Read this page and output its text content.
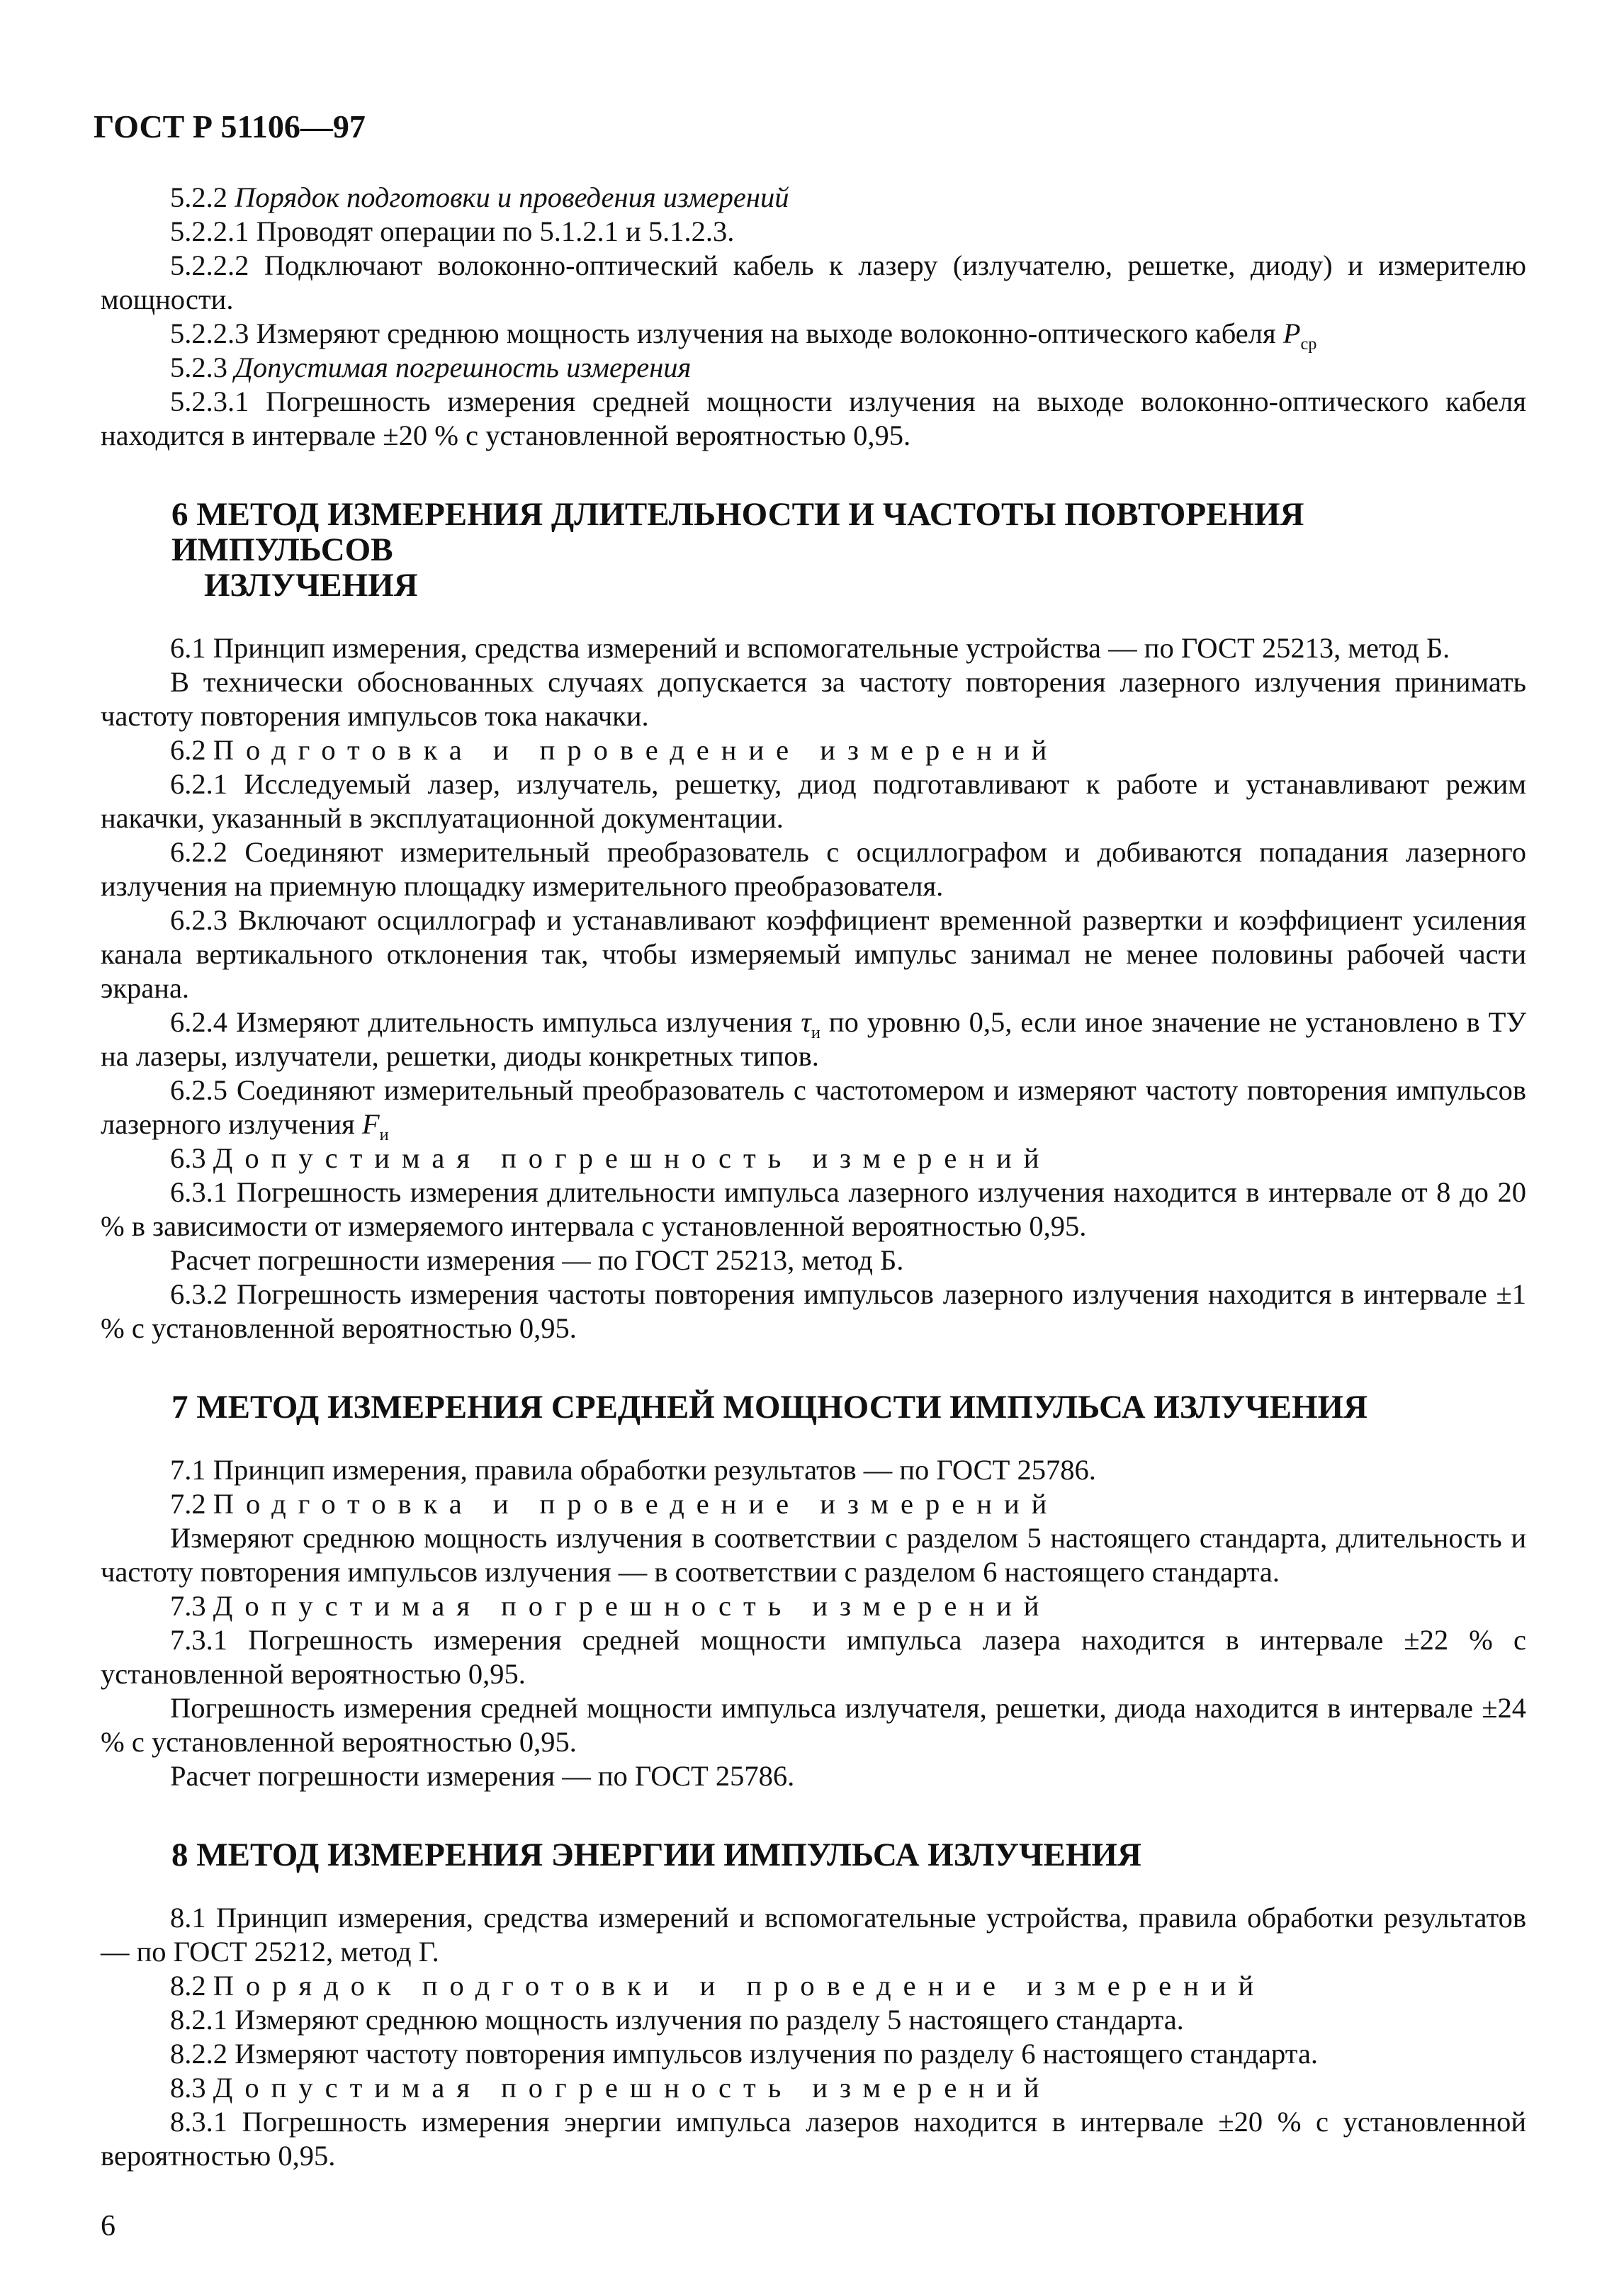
ГОСТ Р 51106—97

5.2.2 Порядок подготовки и проведения измерений

5.2.2.1 Проводят операции по 5.1.2.1 и 5.1.2.3.

5.2.2.2 Подключают волоконно-оптический кабель к лазеру (излучателю, решетке, диоду) и измерителю мощности.

5.2.2.3 Измеряют среднюю мощность излучения на выходе волоконно-оптического кабеля $P_{ср}$

5.2.3 Допустимая погрешность измерения

5.2.3.1 Погрешность измерения средней мощности излучения на выходе волоконно-оптического кабеля находится в интервале ±20 % с установленной вероятностью 0,95.

6 МЕТОД ИЗМЕРЕНИЯ ДЛИТЕЛЬНОСТИ И ЧАСТОТЫ ПОВТОРЕНИЯ ИМПУЛЬСОВ
ИЗЛУЧЕНИЯ

6.1 Принцип измерения, средства измерений и вспомогательные устройства — по ГОСТ 25213, метод Б.

В технически обоснованных случаях допускается за частоту повторения лазерного излучения принимать частоту повторения импульсов тока накачки.

6.2 Подготовка и проведение измерений

6.2.1 Исследуемый лазер, излучатель, решетку, диод подготавливают к работе и устанавливают режим накачки, указанный в эксплуатационной документации.

6.2.2 Соединяют измерительный преобразователь с осциллографом и добиваются попадания лазерного излучения на приемную площадку измерительного преобразователя.

6.2.3 Включают осциллограф и устанавливают коэффициент временной развертки и коэффициент усиления канала вертикального отклонения так, чтобы измеряемый импульс занимал не менее половины рабочей части экрана.

6.2.4 Измеряют длительность импульса излучения $\tau_и$ по уровню 0,5, если иное значение не установлено в ТУ на лазеры, излучатели, решетки, диоды конкретных типов.

6.2.5 Соединяют измерительный преобразователь с частотомером и измеряют частоту повторения импульсов лазерного излучения $F_и$

6.3 Допустимая погрешность измерений

6.3.1 Погрешность измерения длительности импульса лазерного излучения находится в интервале от 8 до 20 % в зависимости от измеряемого интервала с установленной вероятностью 0,95.

Расчет погрешности измерения — по ГОСТ 25213, метод Б.

6.3.2 Погрешность измерения частоты повторения импульсов лазерного излучения находится в интервале ±1 % с установленной вероятностью 0,95.

7 МЕТОД ИЗМЕРЕНИЯ СРЕДНЕЙ МОЩНОСТИ ИМПУЛЬСА ИЗЛУЧЕНИЯ

7.1 Принцип измерения, правила обработки результатов — по ГОСТ 25786.

7.2 Подготовка и проведение измерений

Измеряют среднюю мощность излучения в соответствии с разделом 5 настоящего стандарта, длительность и частоту повторения импульсов излучения — в соответствии с разделом 6 настоящего стандарта.

7.3 Допустимая погрешность измерений

7.3.1 Погрешность измерения средней мощности импульса лазера находится в интервале ±22 % с установленной вероятностью 0,95.

Погрешность измерения средней мощности импульса излучателя, решетки, диода находится в интервале ±24 % с установленной вероятностью 0,95.

Расчет погрешности измерения — по ГОСТ 25786.

8 МЕТОД ИЗМЕРЕНИЯ ЭНЕРГИИ ИМПУЛЬСА ИЗЛУЧЕНИЯ

8.1 Принцип измерения, средства измерений и вспомогательные устройства, правила обработки результатов — по ГОСТ 25212, метод Г.

8.2 Порядок подготовки и проведение измерений

8.2.1 Измеряют среднюю мощность излучения по разделу 5 настоящего стандарта.

8.2.2 Измеряют частоту повторения импульсов излучения по разделу 6 настоящего стандарта.

8.3 Допустимая погрешность измерений

8.3.1 Погрешность измерения энергии импульса лазеров находится в интервале ±20 % с установленной вероятностью 0,95.

6
